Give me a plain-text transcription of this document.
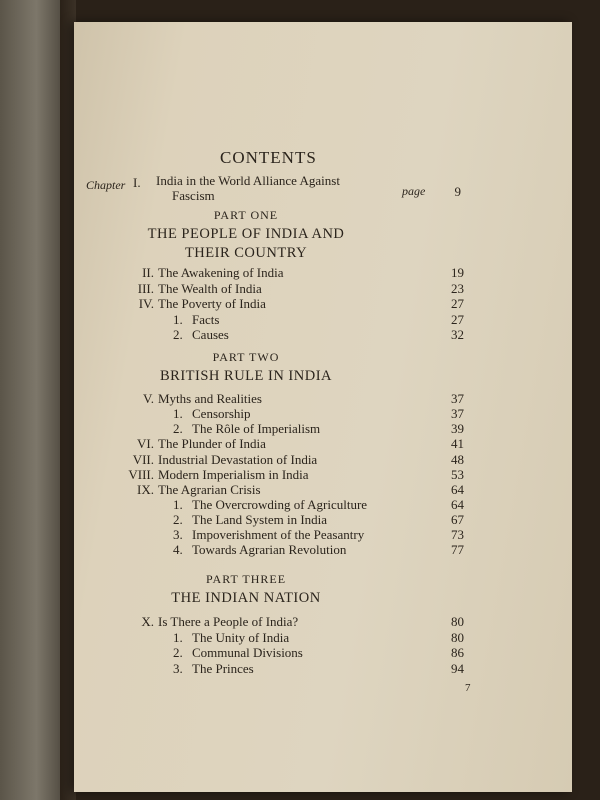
CONTENTS
Chapter I. India in the World Alliance Against
Fascism	page	9
PART ONE
THE PEOPLE OF INDIA AND
THEIR COUNTRY
II. The Awakening of India	19
III. The Wealth of India	23
IV. The Poverty of India	27
1. Facts	27
2. Causes	32
PART TWO
BRITISH RULE IN INDIA
V. Myths and Realities	37
1. Censorship	37
2. The Rôle of Imperialism	39
VI. The Plunder of India	41
VII. Industrial Devastation of India	48
VIII. Modern Imperialism in India	53
IX. The Agrarian Crisis	64
1. The Overcrowding of Agriculture	64
2. The Land System in India	67
3. Impoverishment of the Peasantry	73
4. Towards Agrarian Revolution	77
PART THREE
THE INDIAN NATION
X. Is There a People of India?	80
1. The Unity of India	80
2. Communal Divisions	86
3. The Princes	94
7
